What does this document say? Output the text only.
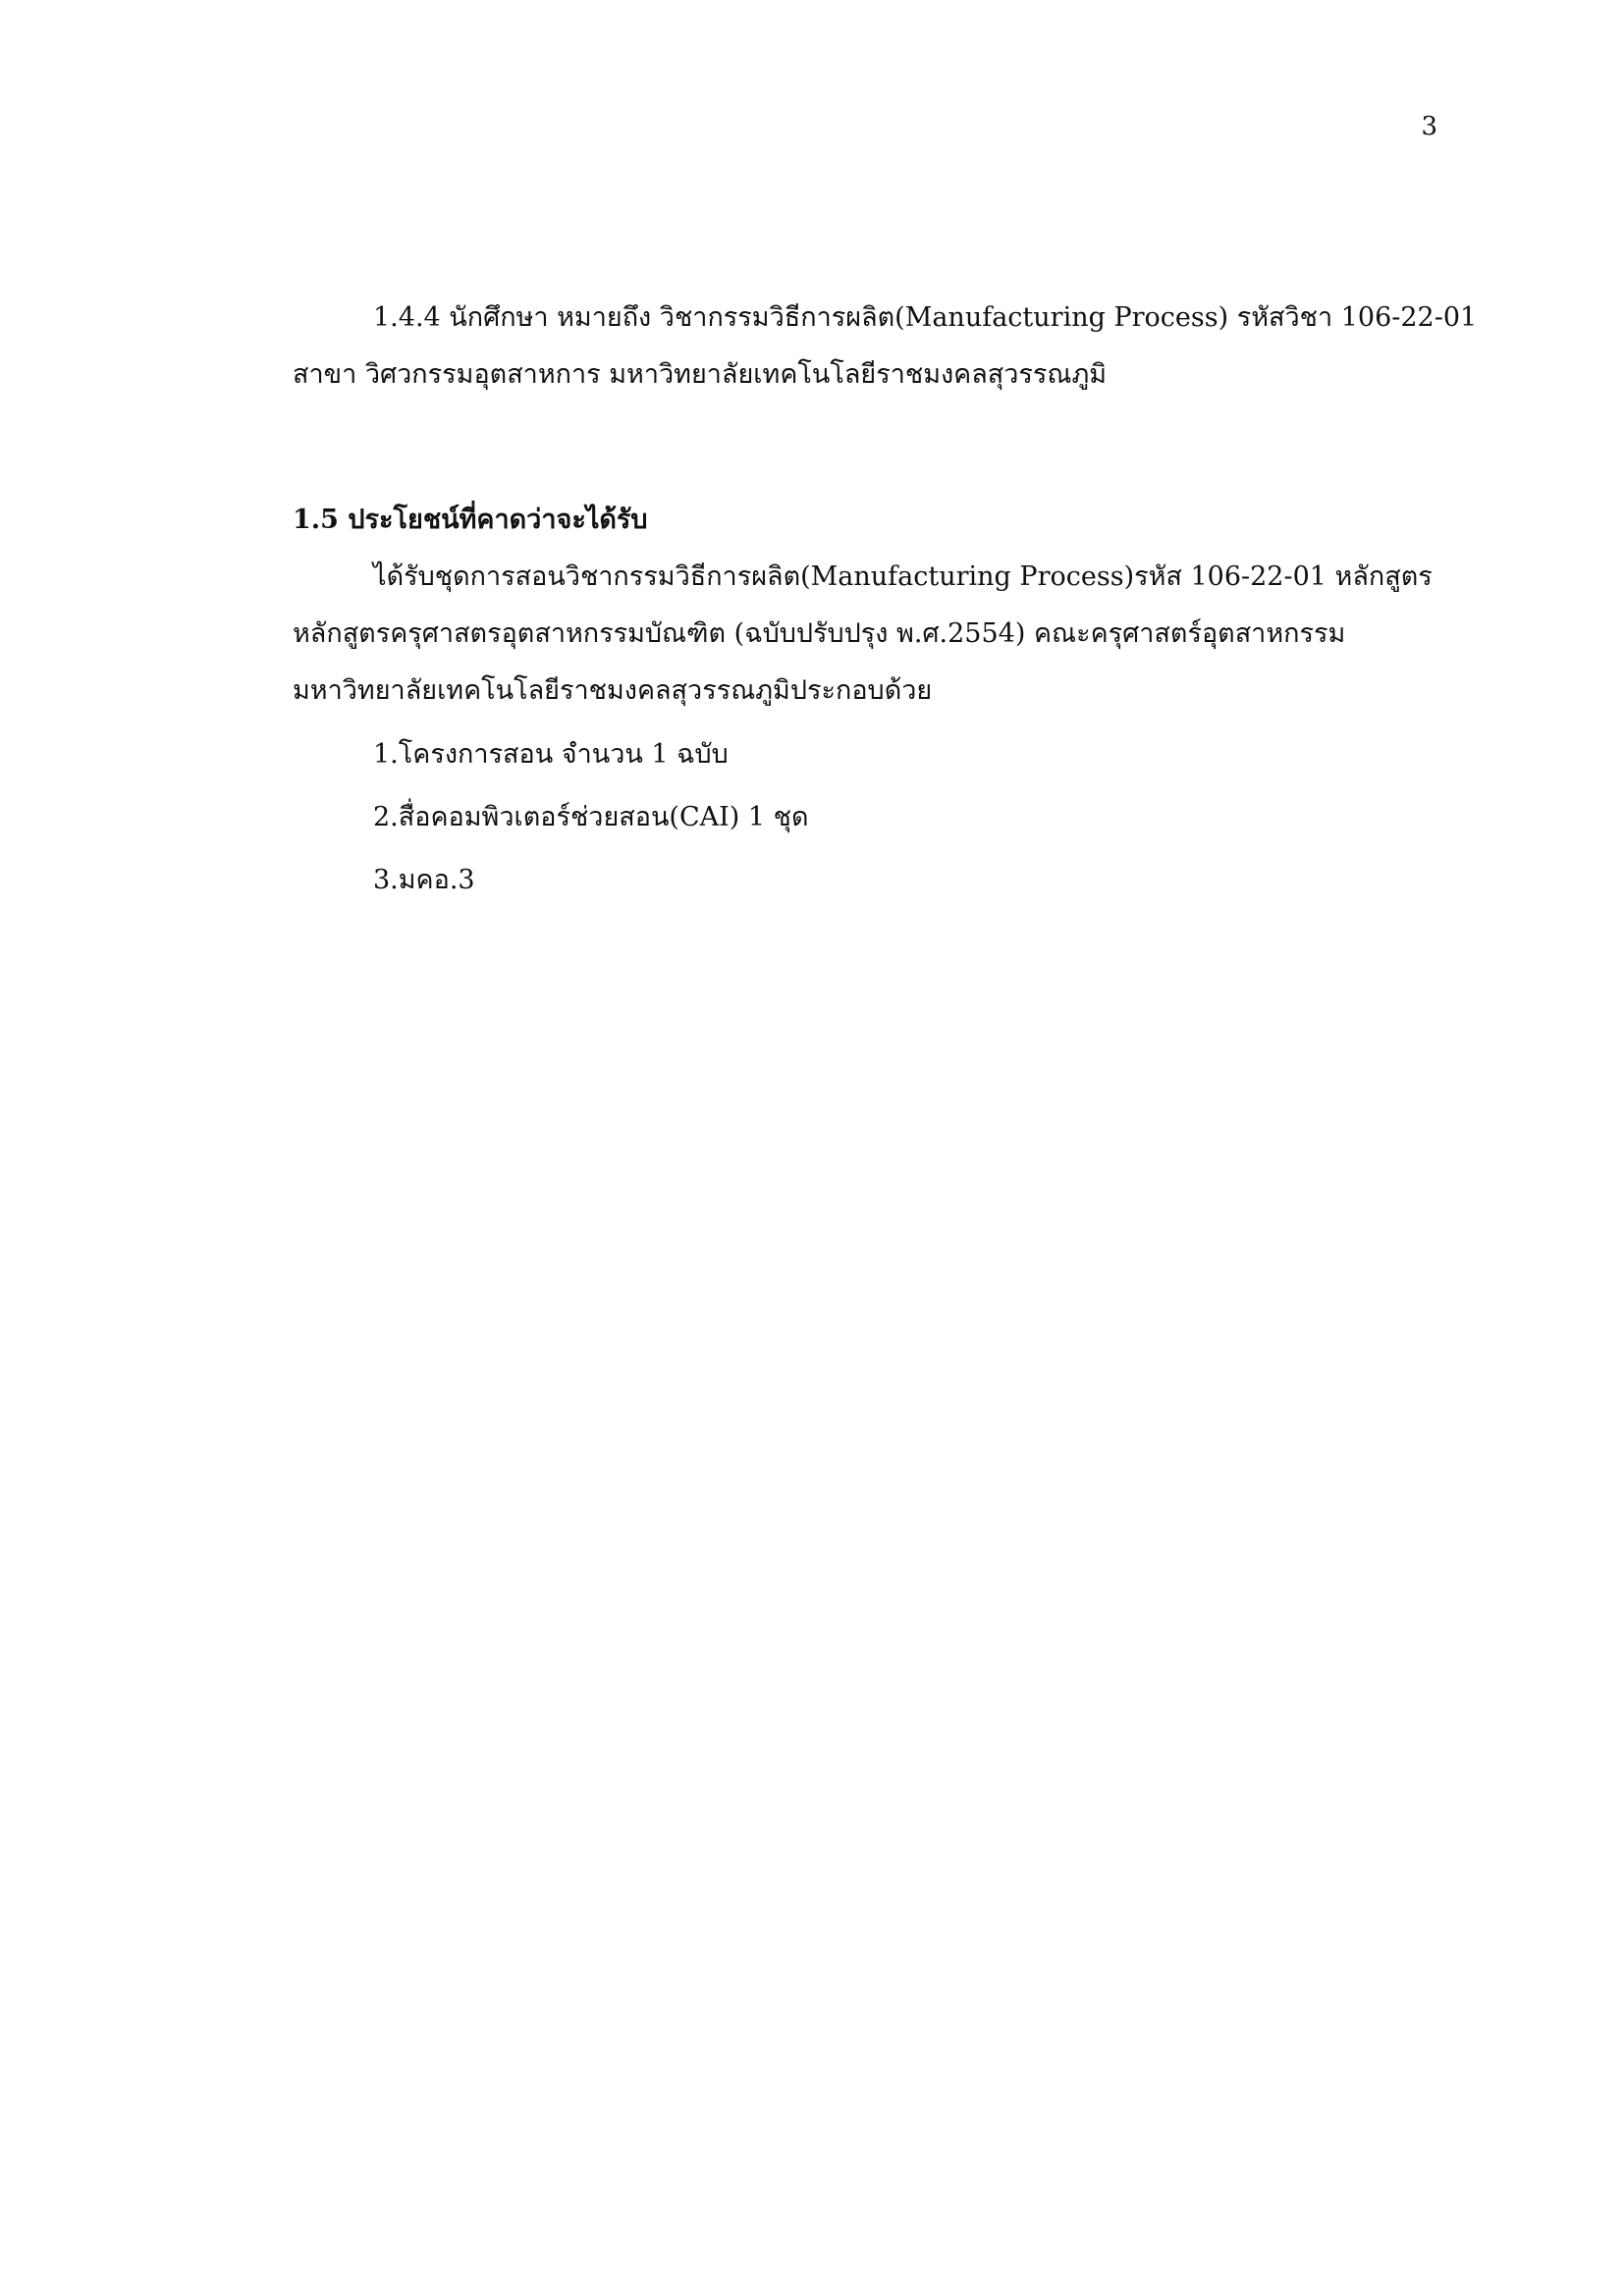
3
1.4.4 นักศึกษา หมายถึง วิชากรรมวิธีการผลิต(Manufacturing Process) รหัสวิชา 106-22-01
สาขา วิศวกรรมอุตสาหการ มหาวิทยาลัยเทคโนโลยีราชมงคลสุวรรณภูมิ
1.5 ประโยชน์ที่คาดว่าจะได้รับ
ได้รับชุดการสอนวิชากรรมวิธีการผลิต(Manufacturing Process)รหัส 106-22-01 หลักสูตร
หลักสูตรครุศาสตรอุตสาหกรรมบัณฑิต (ฉบับปรับปรุง พ.ศ.2554) คณะครุศาสตร์อุตสาหกรรม
มหาวิทยาลัยเทคโนโลยีราชมงคลสุวรรณภูมิประกอบด้วย
1.โครงการสอน จำนวน 1 ฉบับ
2.สื่อคอมพิวเตอร์ช่วยสอน(CAI) 1 ชุด
3.มคอ.3
